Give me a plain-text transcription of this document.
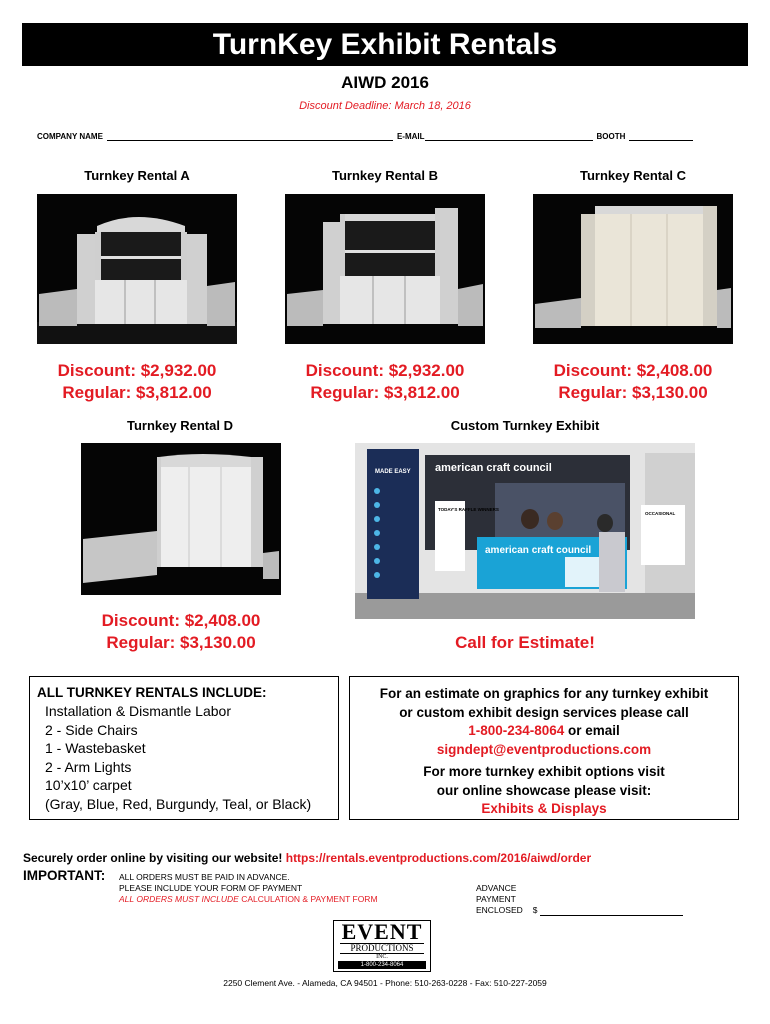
TurnKey Exhibit Rentals
AIWD 2016
Discount Deadline: March 18, 2016
COMPANY NAME	E-MAIL	BOOTH
Turnkey Rental A	Turnkey Rental B	Turnkey Rental C
Discount: $2,932.00
Regular: $3,812.00
Discount: $2,932.00
Regular: $3,812.00
Discount: $2,408.00
Regular: $3,130.00
Turnkey Rental D	Custom Turnkey Exhibit
MADE EASY american craft council
TODAY'S RAFFLE WINNERS
american craft council
OCCASIONAL
Discount: $2,408.00
Regular: $3,130.00	Call for Estimate!
ALL TURNKEY RENTALS INCLUDE:
Installation & Dismantle Labor
2 - Side Chairs
1 - Wastebasket
2 - Arm Lights
10’x10’ carpet
(Gray, Blue, Red, Burgundy, Teal, or Black)
For an estimate on graphics for any turnkey exhibit
or custom exhibit design services please call
1-800-234-8064 or email
signdept@eventproductions.com
For more turnkey exhibit options visit
our online showcase please visit:
Exhibits & Displays
Securely order online by visiting our website! https://rentals.eventproductions.com/2016/aiwd/order
IMPORTANT: ALL ORDERS MUST BE PAID IN ADVANCE.
PLEASE INCLUDE YOUR FORM OF PAYMENT
ALL ORDERS MUST INCLUDE CALCULATION & PAYMENT FORM
ADVANCE
PAYMENT
ENCLOSED $
EVENT
PRODUCTIONS
INC.
1-800-234-8064
2250 Clement Ave. - Alameda, CA 94501 - Phone: 510-263-0228 - Fax: 510-227-2059
